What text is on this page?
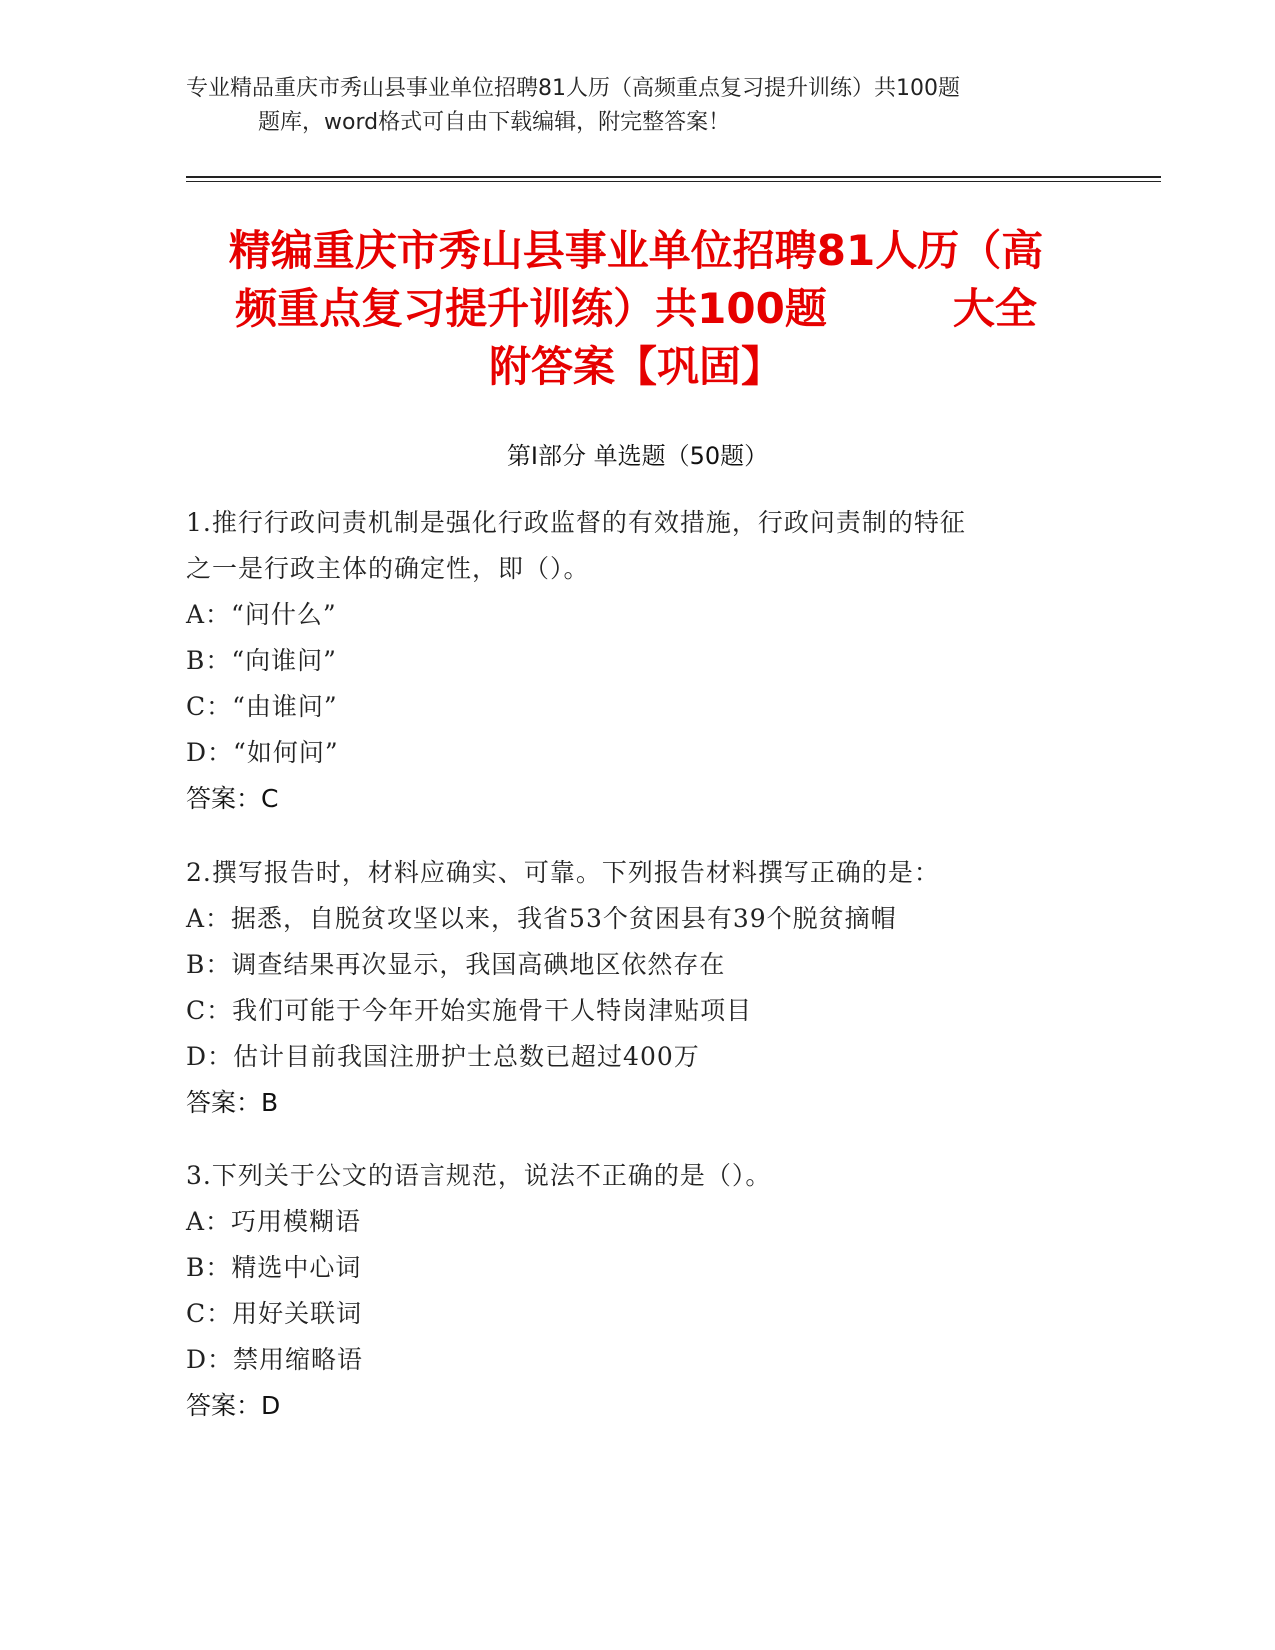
专业精品重庆市秀山县事业单位招聘81人历（高频重点复习提升训练）共100题
题库，word格式可自由下载编辑，附完整答案！
精编重庆市秀山县事业单位招聘81人历（高
频重点复习提升训练）共100题　　　大全
附答案【巩固】
第Ⅰ部分 单选题（50题）
1.推行行政问责机制是强化行政监督的有效措施，行政问责制的特征
之一是行政主体的确定性，即（）。
A：“问什么”
B：“向谁问”
C：“由谁问”
D：“如何问”
答案：C
2.撰写报告时，材料应确实、可靠。下列报告材料撰写正确的是：
A：据悉，自脱贫攻坚以来，我省53个贫困县有39个脱贫摘帽
B：调查结果再次显示，我国高碘地区依然存在
C：我们可能于今年开始实施骨干人特岗津贴项目
D：估计目前我国注册护士总数已超过400万
答案：B
3.下列关于公文的语言规范，说法不正确的是（）。
A：巧用模糊语
B：精选中心词
C：用好关联词
D：禁用缩略语
答案：D
